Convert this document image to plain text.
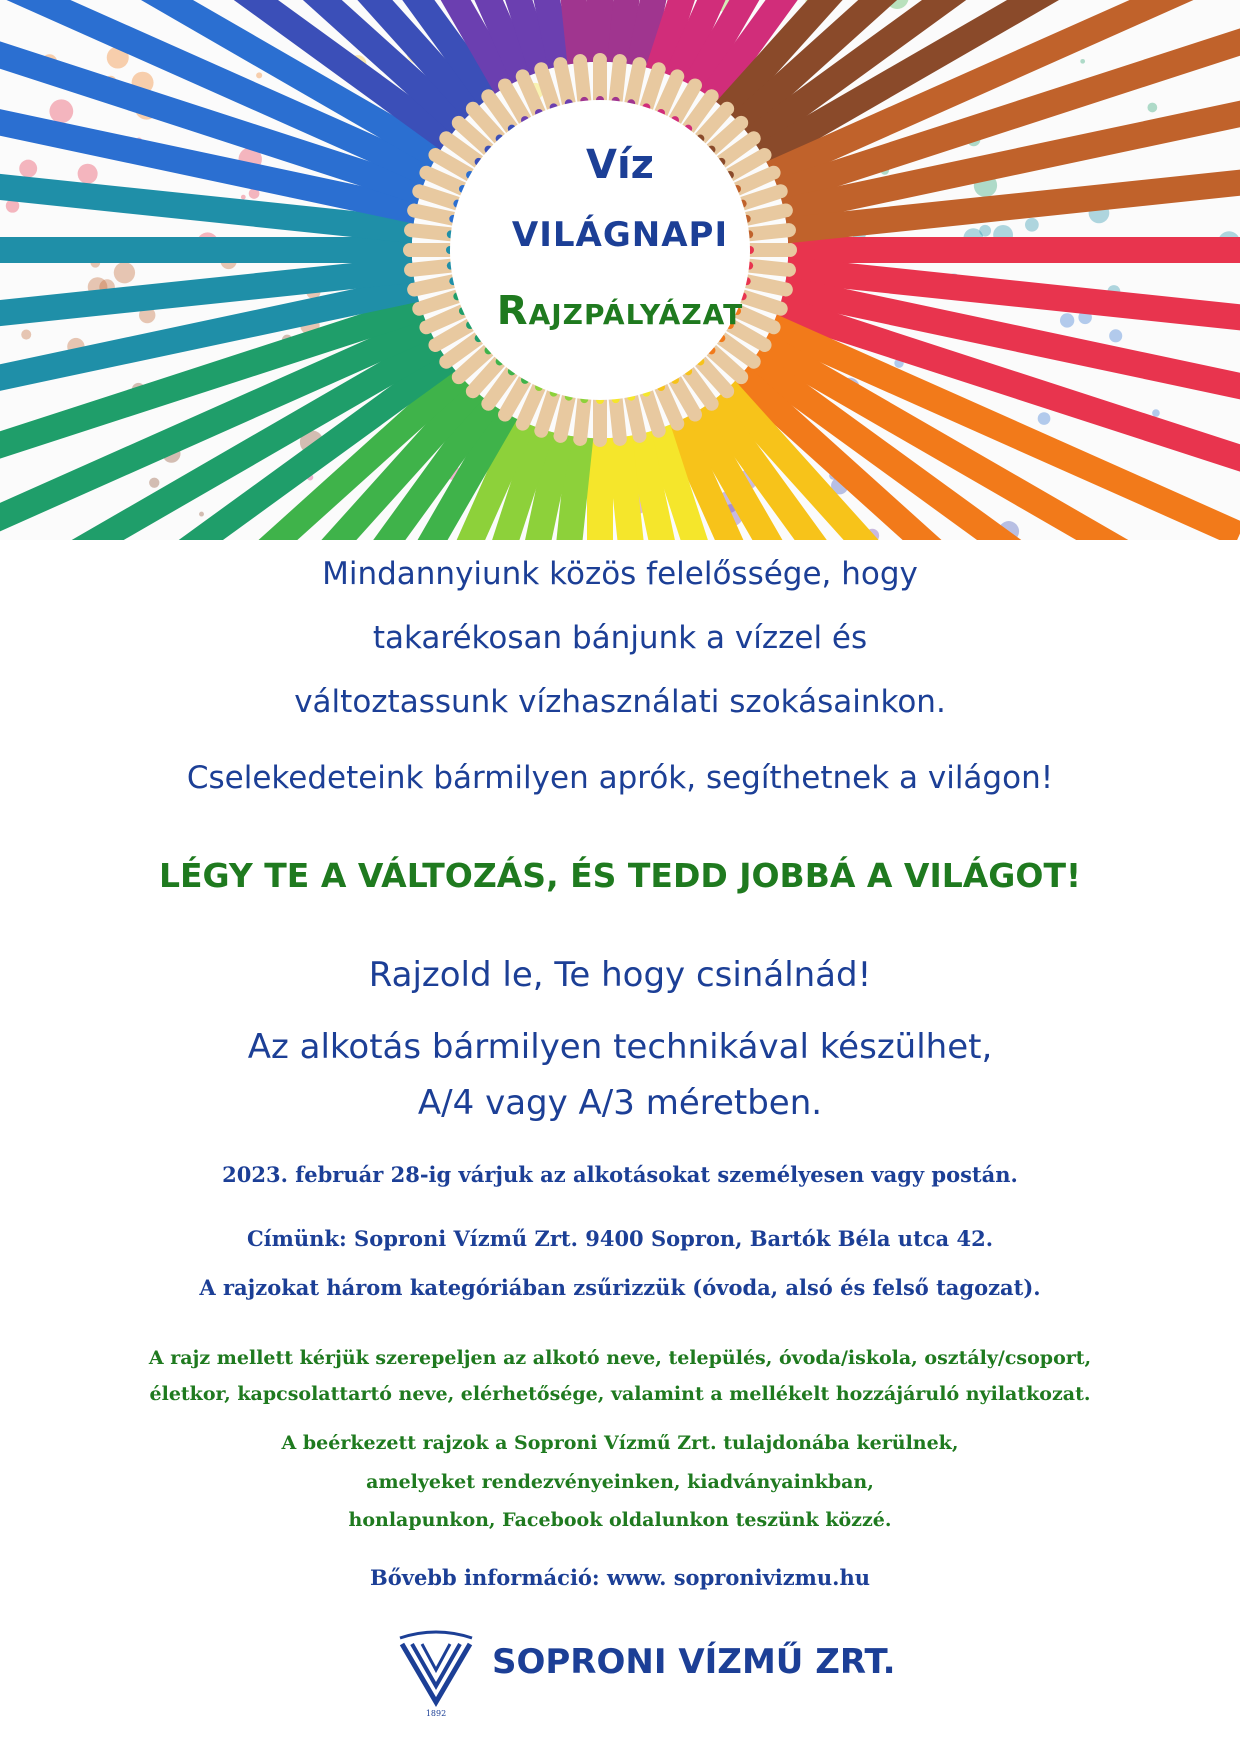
Víz
VILÁGNAPI
Rajzpályázat
Mindannyiunk közös felelőssége, hogy
takarékosan bánjunk a vízzel és
változtassunk vízhasználati szokásainkon.
Cselekedeteink bármilyen aprók, segíthetnek a világon!
LÉGY TE A VÁLTOZÁS, ÉS TEDD JOBBÁ A VILÁGOT!
Rajzold le, Te hogy csinálnád!
Az alkotás bármilyen technikával készülhet,
A/4 vagy A/3 méretben.
2023. február 28-ig várjuk az alkotásokat személyesen vagy postán.
Címünk: Soproni Vízmű Zrt. 9400 Sopron, Bartók Béla utca 42.
A rajzokat három kategóriában zsűrizzük (óvoda, alsó és felső tagozat).
A rajz mellett kérjük szerepeljen az alkotó neve, település, óvoda/iskola, osztály/csoport,
életkor, kapcsolattartó neve, elérhetősége, valamint a mellékelt hozzájáruló nyilatkozat.
A beérkezett rajzok a Soproni Vízmű Zrt. tulajdonába kerülnek,
amelyeket rendezvényeinken, kiadványainkban,
honlapunkon, Facebook oldalunkon teszünk közzé.
Bővebb információ: www. sopronivizmu.hu
1892
SOPRONI VÍZMŰ ZRT.
